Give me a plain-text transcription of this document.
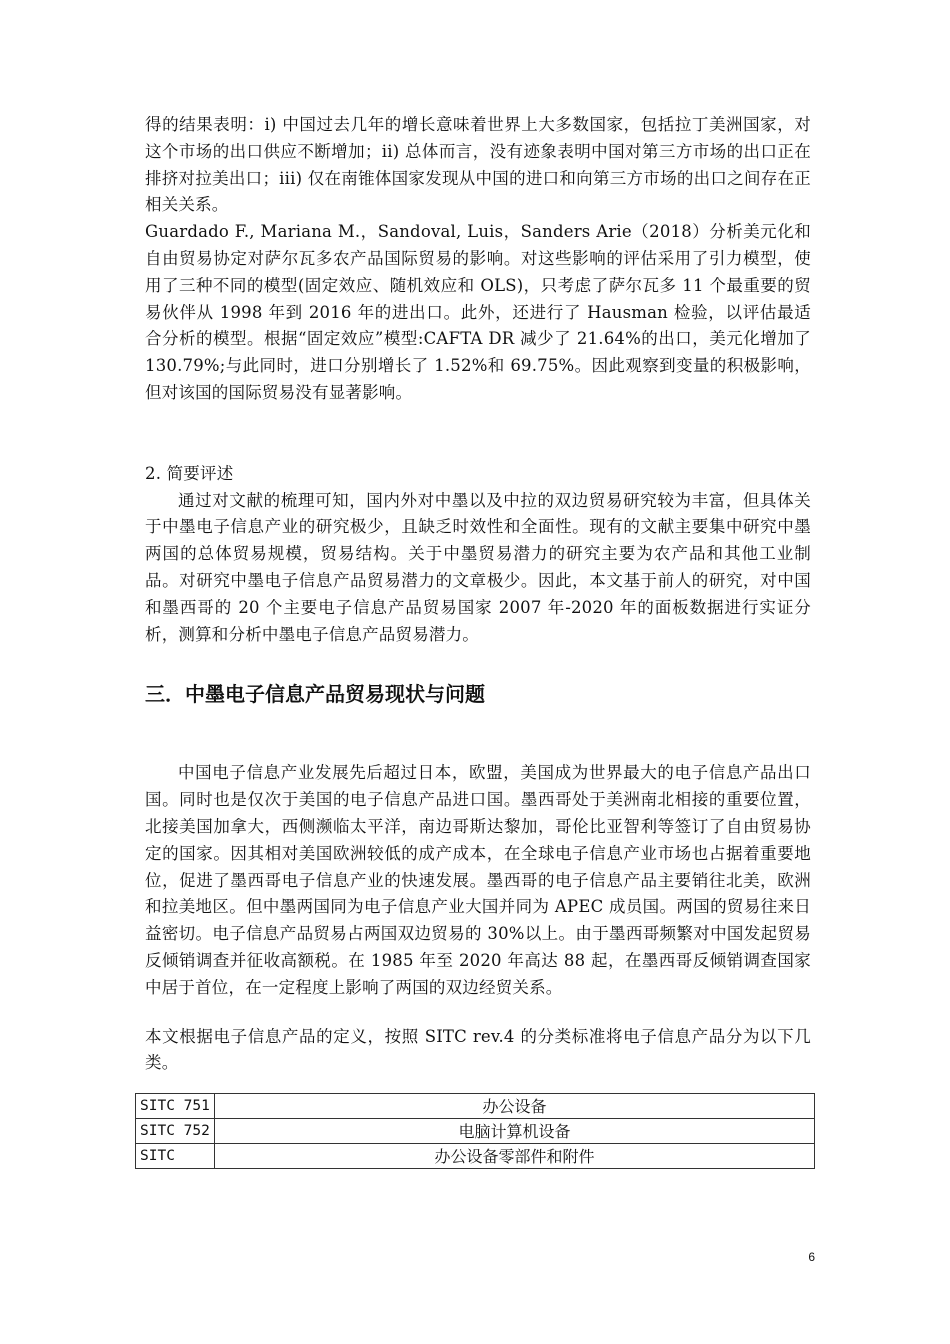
得的结果表明：i) 中国过去几年的增长意味着世界上大多数国家，包括拉丁美洲国家，对这个市场的出口供应不断增加；ii) 总体而言，没有迹象表明中国对第三方市场的出口正在排挤对拉美出口；iii) 仅在南锥体国家发现从中国的进口和向第三方市场的出口之间存在正相关关系。

Guardado F., Mariana M.，Sandoval, Luis，Sanders Arie（2018）分析美元化和自由贸易协定对萨尔瓦多农产品国际贸易的影响。对这些影响的评估采用了引力模型，使用了三种不同的模型(固定效应、随机效应和 OLS)，只考虑了萨尔瓦多 11 个最重要的贸易伙伴从 1998 年到 2016 年的进出口。此外，还进行了 Hausman 检验，以评估最适合分析的模型。根据“固定效应”模型:CAFTA DR 减少了 21.64%的出口，美元化增加了 130.79%;与此同时，进口分别增长了 1.52%和 69.75%。因此观察到变量的积极影响，但对该国的国际贸易没有显著影响。

2. 简要评述

通过对文献的梳理可知，国内外对中墨以及中拉的双边贸易研究较为丰富，但具体关于中墨电子信息产业的研究极少，且缺乏时效性和全面性。现有的文献主要集中研究中墨两国的总体贸易规模，贸易结构。关于中墨贸易潜力的研究主要为农产品和其他工业制品。对研究中墨电子信息产品贸易潜力的文章极少。因此，本文基于前人的研究，对中国和墨西哥的 20 个主要电子信息产品贸易国家 2007 年-2020 年的面板数据进行实证分析，测算和分析中墨电子信息产品贸易潜力。

三．中墨电子信息产品贸易现状与问题

中国电子信息产业发展先后超过日本，欧盟，美国成为世界最大的电子信息产品出口国。同时也是仅次于美国的电子信息产品进口国。墨西哥处于美洲南北相接的重要位置，北接美国加拿大，西侧濒临太平洋，南边哥斯达黎加，哥伦比亚智利等签订了自由贸易协定的国家。因其相对美国欧洲较低的成产成本，在全球电子信息产业市场也占据着重要地位，促进了墨西哥电子信息产业的快速发展。墨西哥的电子信息产品主要销往北美，欧洲和拉美地区。但中墨两国同为电子信息产业大国并同为 APEC 成员国。两国的贸易往来日益密切。电子信息产品贸易占两国双边贸易的 30%以上。由于墨西哥频繁对中国发起贸易反倾销调查并征收高额税。在 1985 年至 2020 年高达 88 起，在墨西哥反倾销调查国家中居于首位，在一定程度上影响了两国的双边经贸关系。

本文根据电子信息产品的定义，按照 SITC rev.4 的分类标准将电子信息产品分为以下几类。

SITC 751	办公设备
SITC 752	电脑计算机设备
SITC	办公设备零部件和附件
6
